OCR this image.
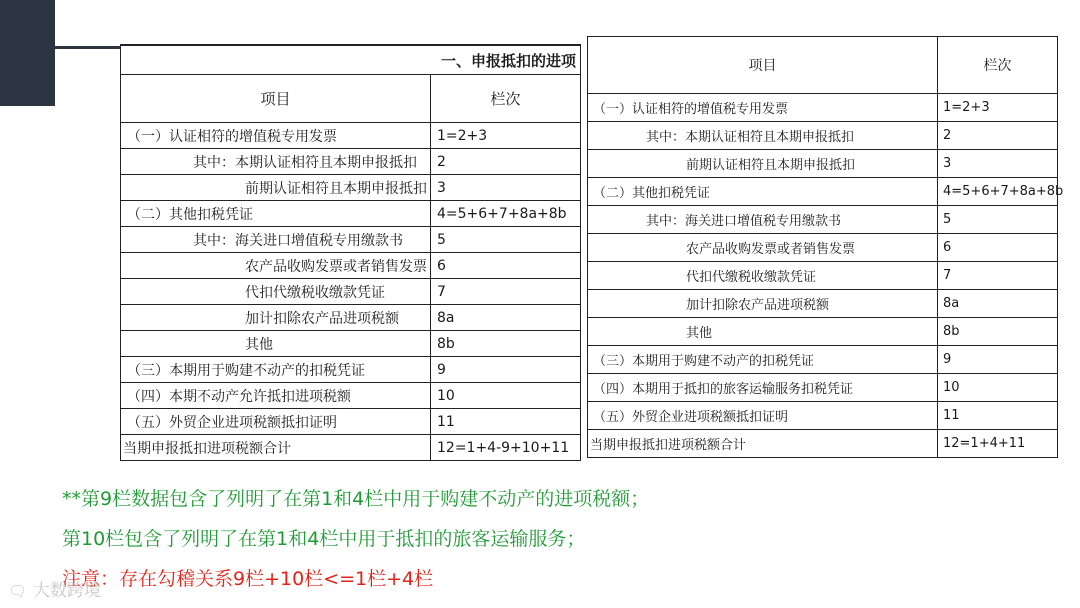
一、申报抵扣的进项	
项目	栏次
（一）认证相符的增值税专用发票	1=2+3
其中：本期认证相符且本期申报抵扣	2
前期认证相符且本期申报抵扣	3
（二）其他扣税凭证	4=5+6+7+8a+8b
其中：海关进口增值税专用缴款书	5
农产品收购发票或者销售发票	6
代扣代缴税收缴款凭证	7
加计扣除农产品进项税额	8a
其他	8b
（三）本期用于购建不动产的扣税凭证	9
（四）本期不动产允许抵扣进项税额	10
（五）外贸企业进项税额抵扣证明	11
当期申报抵扣进项税额合计	12=1+4-9+10+11
项目	栏次
（一）认证相符的增值税专用发票	1=2+3
其中：本期认证相符且本期申报抵扣	2
前期认证相符且本期申报抵扣	3
（二）其他扣税凭证	4=5+6+7+8a+8b
其中：海关进口增值税专用缴款书	5
农产品收购发票或者销售发票	6
代扣代缴税收缴款凭证	7
加计扣除农产品进项税额	8a
其他	8b
（三）本期用于购建不动产的扣税凭证	9
（四）本期用于抵扣的旅客运输服务扣税凭证	10
（五）外贸企业进项税额抵扣证明	11
当期申报抵扣进项税额合计	12=1+4+11
**第9栏数据包含了列明了在第1和4栏中用于购建不动产的进项税额；
第10栏包含了列明了在第1和4栏中用于抵扣的旅客运输服务；
注意：存在勾稽关系9栏+10栏<=1栏+4栏
🗨 大数跨境
